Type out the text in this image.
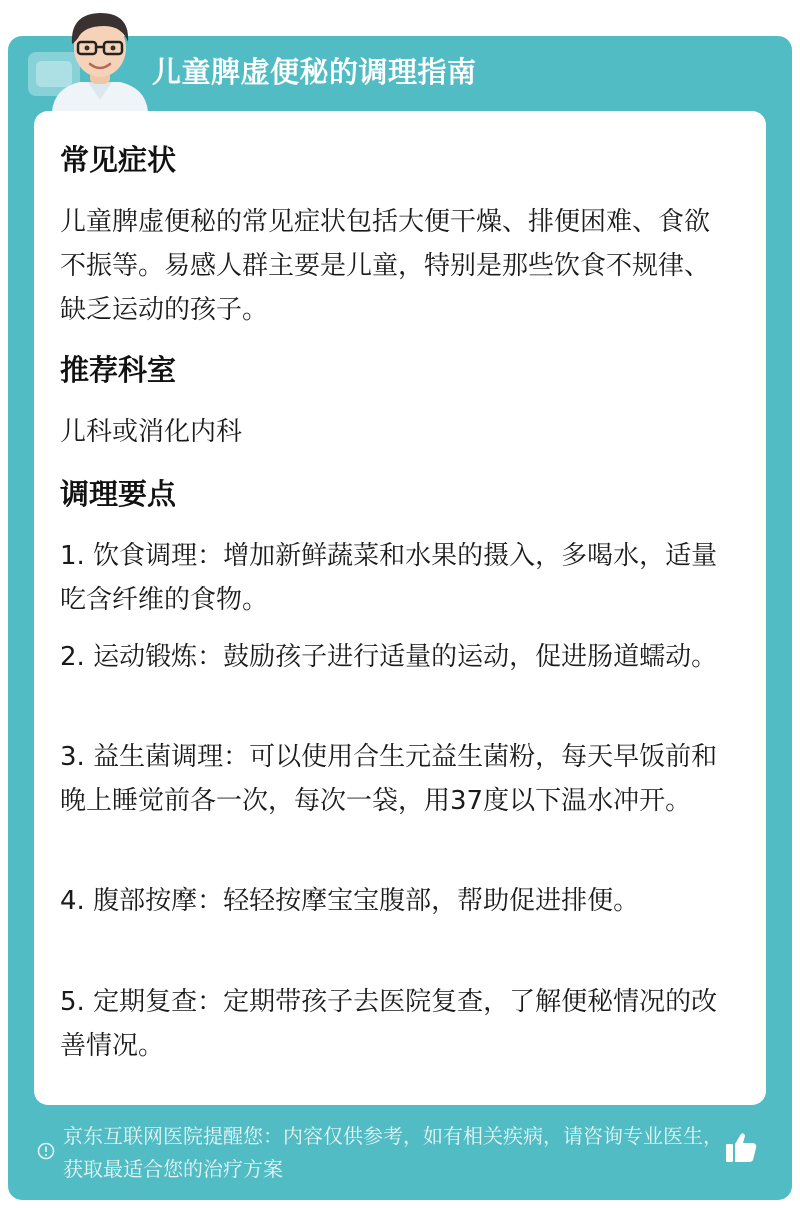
儿童脾虚便秘的调理指南
常见症状
儿童脾虚便秘的常见症状包括大便干燥、排便困难、食欲不振等。易感人群主要是儿童，特别是那些饮食不规律、缺乏运动的孩子。
推荐科室
儿科或消化内科
调理要点
1. 饮食调理：增加新鲜蔬菜和水果的摄入，多喝水，适量吃含纤维的食物。
2. 运动锻炼：鼓励孩子进行适量的运动，促进肠道蠕动。
3. 益生菌调理：可以使用合生元益生菌粉，每天早饭前和晚上睡觉前各一次，每次一袋，用37度以下温水冲开。
4. 腹部按摩：轻轻按摩宝宝腹部，帮助促进排便。
5. 定期复查：定期带孩子去医院复查，了解便秘情况的改善情况。
京东互联网医院提醒您：内容仅供参考，如有相关疾病，请咨询专业医生，获取最适合您的治疗方案
